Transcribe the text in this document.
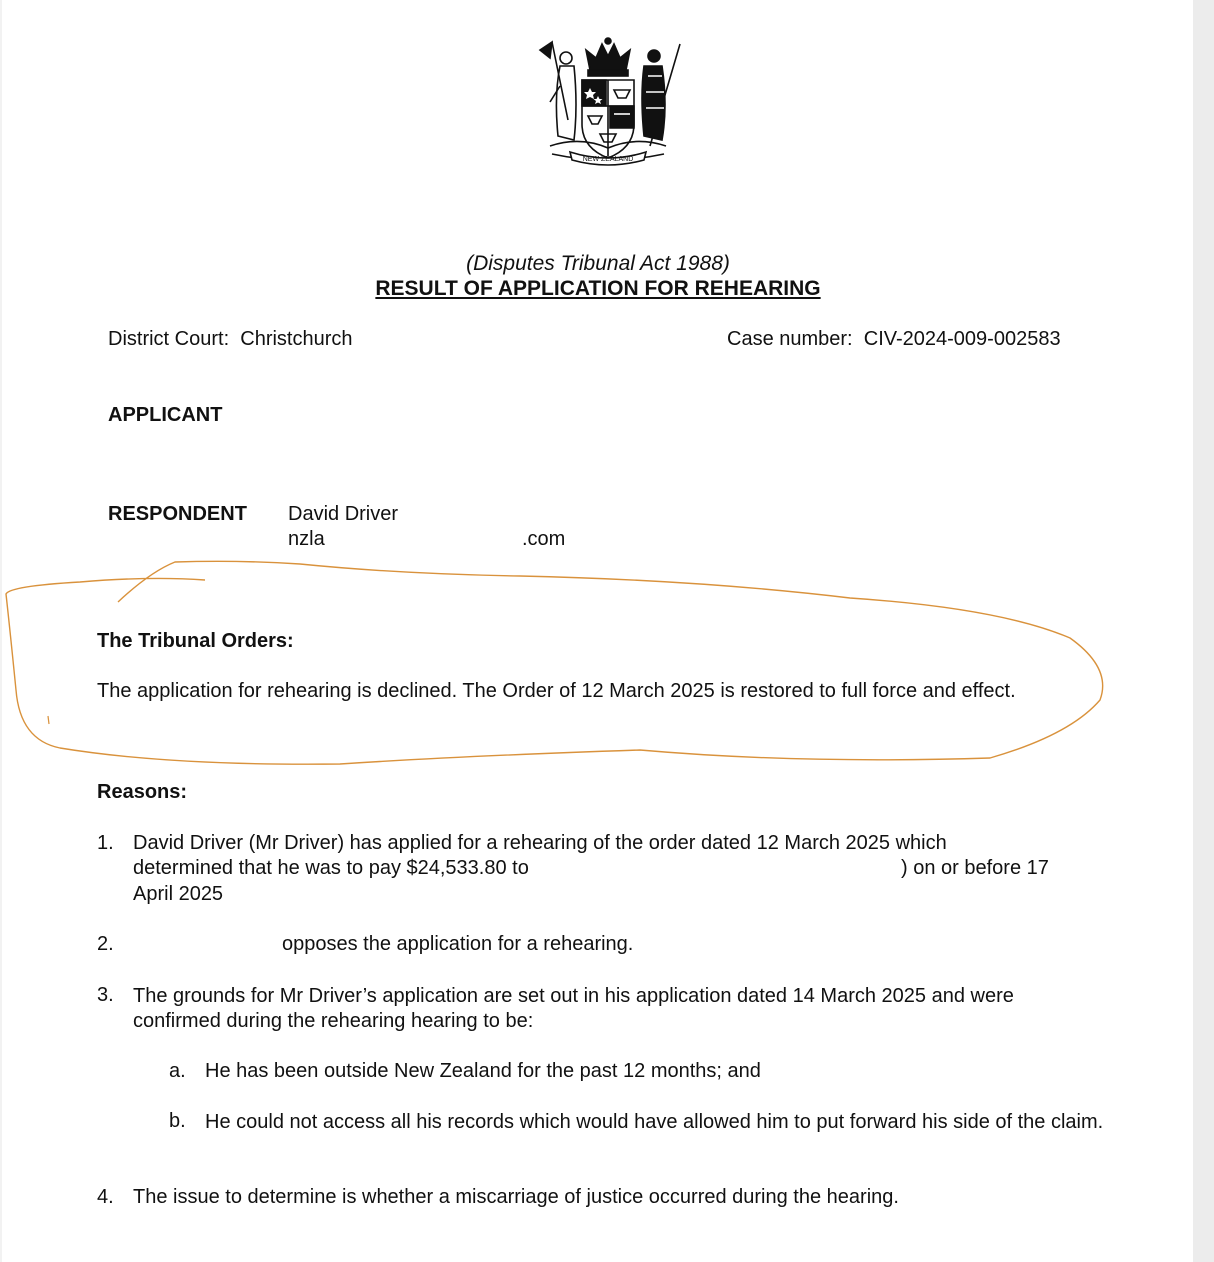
NEW ZEALAND
(Disputes Tribunal Act 1988)
RESULT OF APPLICATION FOR REHEARING
District Court: Christchurch	Case number: CIV-2024-009-002583
APPLICANT
RESPONDENT David Driver
nzla	.com
The Tribunal Orders:
The application for rehearing is declined. The Order of 12 March 2025 is restored to full force and effect.
Reasons:
1. David Driver (Mr Driver) has applied for a rehearing of the order dated 12 March 2025 which
determined that he was to pay $24,533.80 to	) on or before 17
April 2025
2.	opposes the application for a rehearing.
3. The grounds for Mr Driver’s application are set out in his application dated 14 March 2025 and were confirmed during the rehearing hearing to be:
a. He has been outside New Zealand for the past 12 months; and
b. He could not access all his records which would have allowed him to put forward his side of the claim.
4. The issue to determine is whether a miscarriage of justice occurred during the hearing.
